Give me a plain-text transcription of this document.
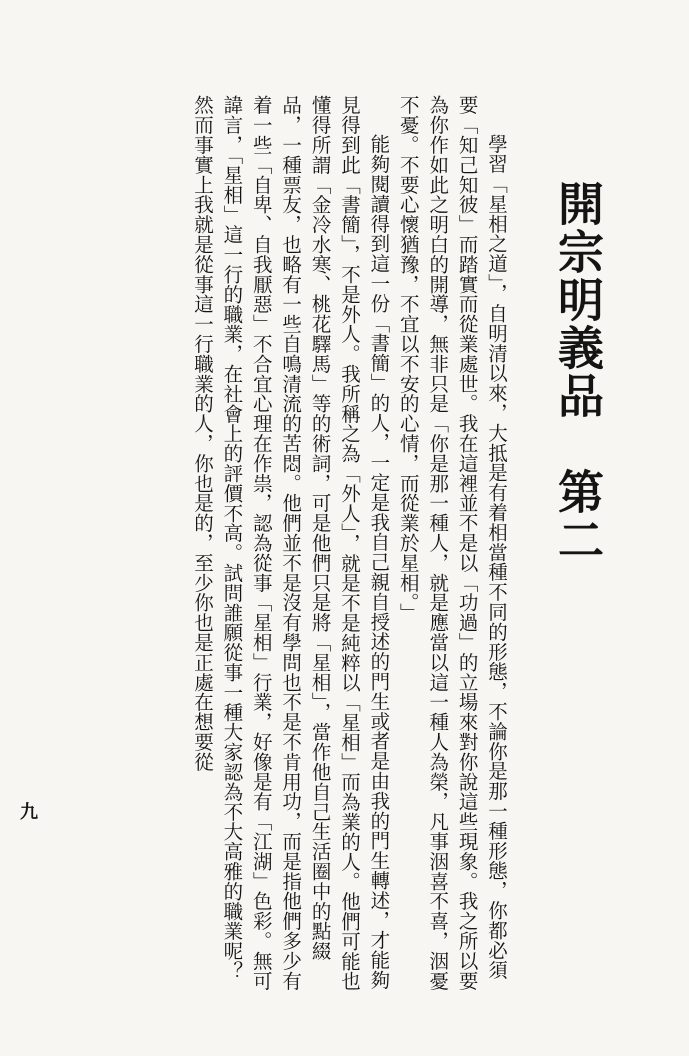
開宗明義品　第二

學習「星相之道」，自明清以來，大抵是有着相當種不同的形態，不論你是那一種形態，你都必須要「知己知彼」而踏實而從業處世。我在這裡並不是以「功過」的立場來對你說這些現象。我之所以要為你作如此之明白的開導，無非只是「你是那一種人，就是應當以這一種人為榮，凡事洇喜不喜，洇憂不憂。不要心懷猶豫，不宜以不安的心情，而從業於星相。」

能夠閱讀得到這一份「書簡」的人，一定是我自己親自授述的門生或者是由我的門生轉述，才能夠見得到此「書簡」，不是外人。我所稱之為「外人」，就是不是純粹以「星相」而為業的人。他們可能也懂得所謂「金冷水寒、桃花驛馬」等的術詞，可是他們只是將「星相」，當作他自己生活圈中的點綴品，一種票友，也略有一些自鳴清流的苦悶。他們並不是沒有學問也不是不肯用功，而是指他們多少有着一些「自卑、自我厭惡」不合宜心理在作祟，認為從事「星相」行業，好像是有「江湖」色彩。無可諱言，「星相」這一行的職業，在社會上的評價不高。試問誰願從事一種大家認為不大高雅的職業呢？然而事實上我就是從事這一行職業的人，你也是的，至少你也是正處在想要從

九
